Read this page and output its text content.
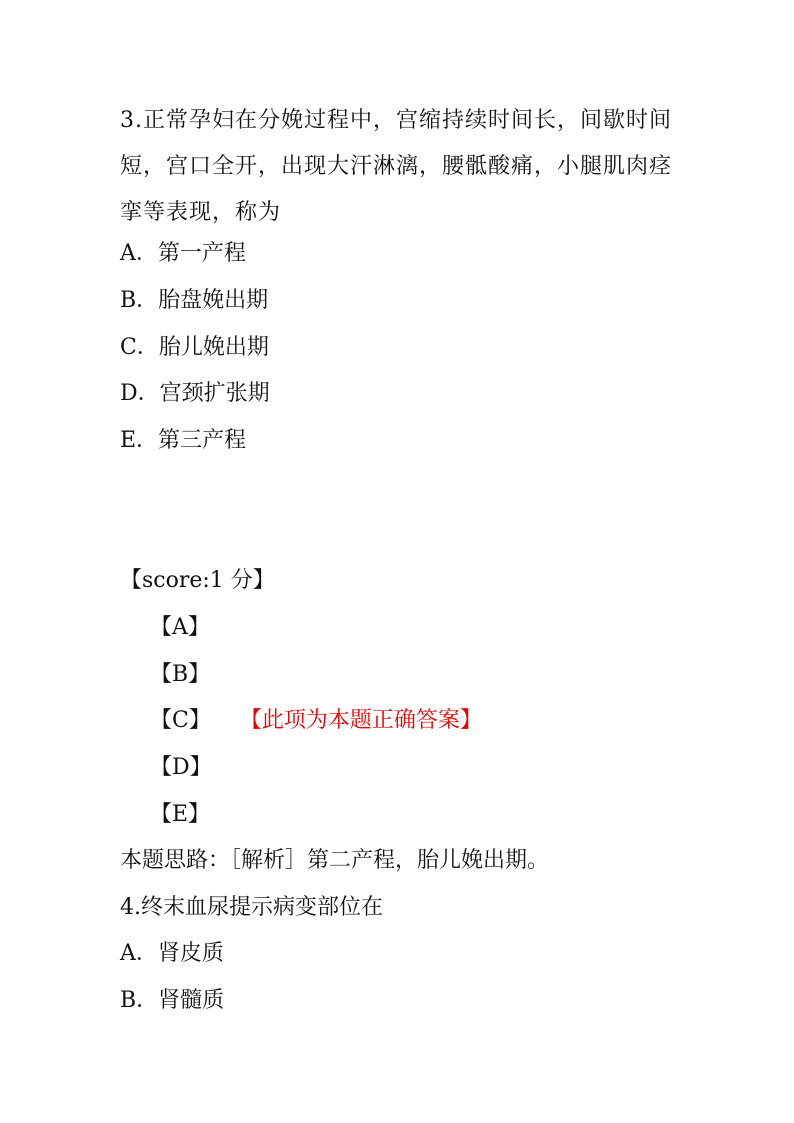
3.正常孕妇在分娩过程中，宫缩持续时间长，间歇时间短，宫口全开，出现大汗淋漓，腰骶酸痛，小腿肌肉痉挛等表现，称为
A．第一产程
B．胎盘娩出期
C．胎儿娩出期
D．宫颈扩张期
E．第三产程
【score:1 分】
【A】
【B】
【C】 【此项为本题正确答案】
【D】
【E】
本题思路：［解析］第二产程，胎儿娩出期。
4.终末血尿提示病变部位在
A．肾皮质
B．肾髓质
